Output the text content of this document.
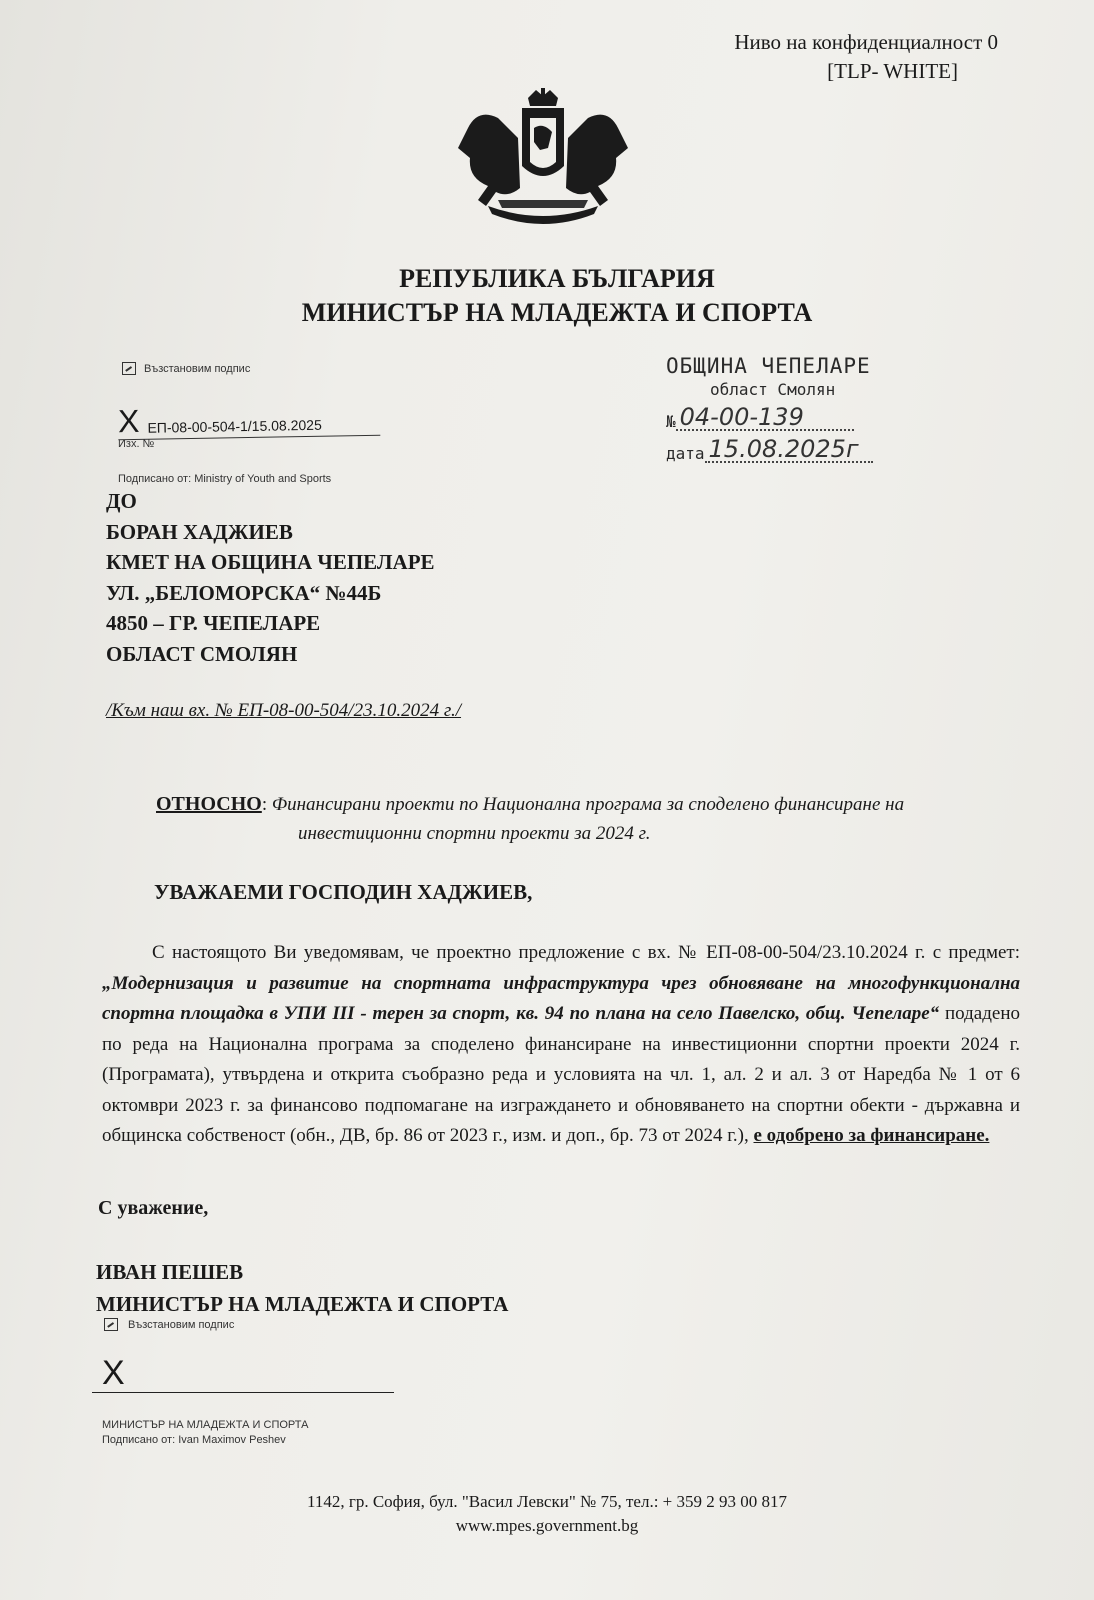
Ниво на конфиденциалност 0
[TLP- WHITE]
РЕПУБЛИКА БЪЛГАРИЯ
МИНИСТЪР НА МЛАДЕЖТА И СПОРТА
Възстановим подпис
X ЕП-08-00-504-1/15.08.2025
Изх. №
Подписано от: Ministry of Youth and Sports
ОБЩИНА ЧЕПЕЛАРЕ
област Смолян
№ 04-00-139
дата 15.08.2025г
ДО
БОРАН ХАДЖИЕВ
КМЕТ НА ОБЩИНА ЧЕПЕЛАРЕ
УЛ. „БЕЛОМОРСКА“ №44Б
4850 – ГР. ЧЕПЕЛАРЕ
ОБЛАСТ СМОЛЯН
/Към наш вх. № ЕП-08-00-504/23.10.2024 г./
ОТНОСНО: Финансирани проекти по Национална програма за споделено финансиране на
инвестиционни спортни проекти за 2024 г.
УВАЖАЕМИ ГОСПОДИН ХАДЖИЕВ,
С настоящото Ви уведомявам, че проектно предложение с вх. № ЕП-08-00-504/23.10.2024 г. с предмет: „Модернизация и развитие на спортната инфраструктура чрез обновяване на многофункционална спортна площадка в УПИ III - терен за спорт, кв. 94 по плана на село Павелско, общ. Чепеларе“ подадено по реда на Национална програма за споделено финансиране на инвестиционни спортни проекти 2024 г. (Програмата), утвърдена и открита съобразно реда и условията на чл. 1, ал. 2 и ал. 3 от Наредба № 1 от 6 октомври 2023 г. за финансово подпомагане на изграждането и обновяването на спортни обекти - държавна и общинска собственост (обн., ДВ, бр. 86 от 2023 г., изм. и доп., бр. 73 от 2024 г.), е одобрено за финансиране.
С уважение,
ИВАН ПЕШЕВ
МИНИСТЪР НА МЛАДЕЖТА И СПОРТА
Възстановим подпис
X
МИНИСТЪР НА МЛАДЕЖТА И СПОРТА
Подписано от: Ivan Maximov Peshev
1142, гр. София, бул. "Васил Левски" № 75, тел.: + 359 2 93 00 817
www.mpes.government.bg
